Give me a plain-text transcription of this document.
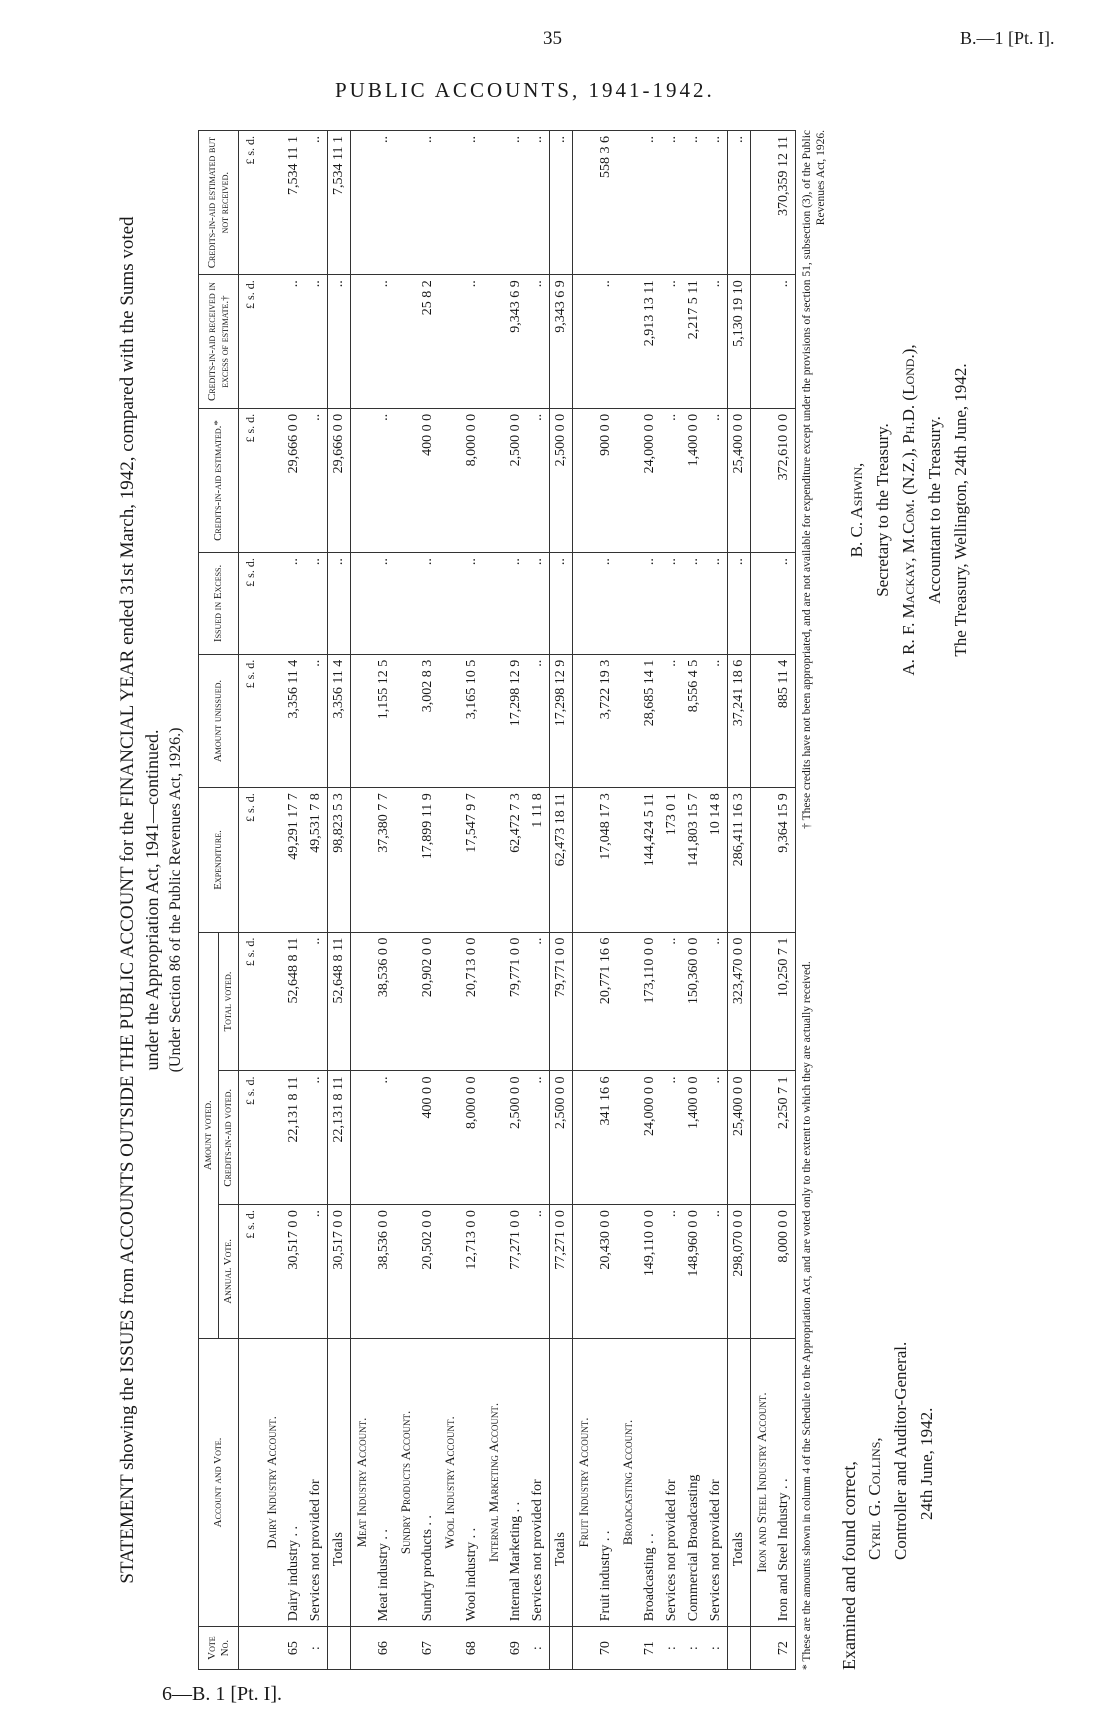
35	B.—1 [Pt. I].
PUBLIC ACCOUNTS, 1941-1942.
6—B. 1 [Pt. I].

STATEMENT showing the ISSUES from ACCOUNTS OUTSIDE THE PUBLIC ACCOUNT for the FINANCIAL YEAR ended 31st March, 1942, compared with the Sums voted under the Appropriation Act, 1941—continued. (Under Section 86 of the Public Revenues Act, 1926.)

Vote No.	Account and Vote.	Amount voted.			Expenditure.	Amount unissued.	Issued in Excess.	Credits-in-aid estimated.*	Credits-in-aid received in excess of estimate.†	Credits-in-aid estimated but not received.
		Annual Vote.	Credits-in-aid voted.	Total voted.						
		£ s. d.	£ s. d.	£ s. d.	£ s. d.	£ s. d.	£ s. d.	£ s. d.	£ s. d.	£ s. d.
	Dairy Industry Account.									
65	Dairy industry . .	30,517 0 0	22,131 8 11	52,648 8 11	49,291 17 7	3,356 11 4	..	29,666 0 0	..	7,534 11 1
:	Services not provided for	..	..	..	49,531 7 8	..	..	..	..	..
	Totals	30,517 0 0	22,131 8 11	52,648 8 11	98,823 5 3	3,356 11 4	..	29,666 0 0	..	7,534 11 1
	Meat Industry Account.									
66	Meat industry . .	38,536 0 0	..	38,536 0 0	37,380 7 7	1,155 12 5	..	..	..	..
	Sundry Products Account.									
67	Sundry products . .	20,502 0 0	400 0 0	20,902 0 0	17,899 11 9	3,002 8 3	..	400 0 0	25 8 2	..
	Wool Industry Account.									
68	Wool industry . .	12,713 0 0	8,000 0 0	20,713 0 0	17,547 9 7	3,165 10 5	..	8,000 0 0	..	..
	Internal Marketing Account.									
69	Internal Marketing . .	77,271 0 0	2,500 0 0	79,771 0 0	62,472 7 3	17,298 12 9	..	2,500 0 0	9,343 6 9	..
:	Services not provided for	..	..	..	1 11 8	..	..	..	..	..
	Totals	77,271 0 0	2,500 0 0	79,771 0 0	62,473 18 11	17,298 12 9	..	2,500 0 0	9,343 6 9	..
	Fruit Industry Account.									
70	Fruit industry . .	20,430 0 0	341 16 6	20,771 16 6	17,048 17 3	3,722 19 3	..	900 0 0	..	558 3 6
	Broadcasting Account.									
71	Broadcasting . .	149,110 0 0	24,000 0 0	173,110 0 0	144,424 5 11	28,685 14 1	..	24,000 0 0	2,913 13 11	..
:	Services not provided for	..	..	..	173 0 1	..	..	..	..	..
:	Commercial Broadcasting	148,960 0 0	1,400 0 0	150,360 0 0	141,803 15 7	8,556 4 5	..	1,400 0 0	2,217 5 11	..
:	Services not provided for	..	..	..	10 14 8	..	..	..	..	..
	Totals	298,070 0 0	25,400 0 0	323,470 0 0	286,411 16 3	37,241 18 6	..	25,400 0 0	5,130 19 10	..
	Iron and Steel Industry Account.									
72	Iron and Steel Industry . .	8,000 0 0	2,250 7 1	10,250 7 1	9,364 15 9	885 11 4	..	372,610 0 0	..	370,359 12 11
* These are the amounts shown in column 4 of the Schedule to the Appropriation Act, and are voted only to the extent to which they are actually received.
† These credits have not been appropriated, and are not available for expenditure except under the provisions of section 51, subsection (3), of the Public Revenues Act, 1926.
Examined and found correct, Cyril G. Collins, Controller and Auditor-General. 24th June, 1942.
B. C. Ashwin, Secretary to the Treasury. A. R. F. Mackay, M.Com. (N.Z.), Ph.D. (Lond.), Accountant to the Treasury. The Treasury, Wellington, 24th June, 1942.
